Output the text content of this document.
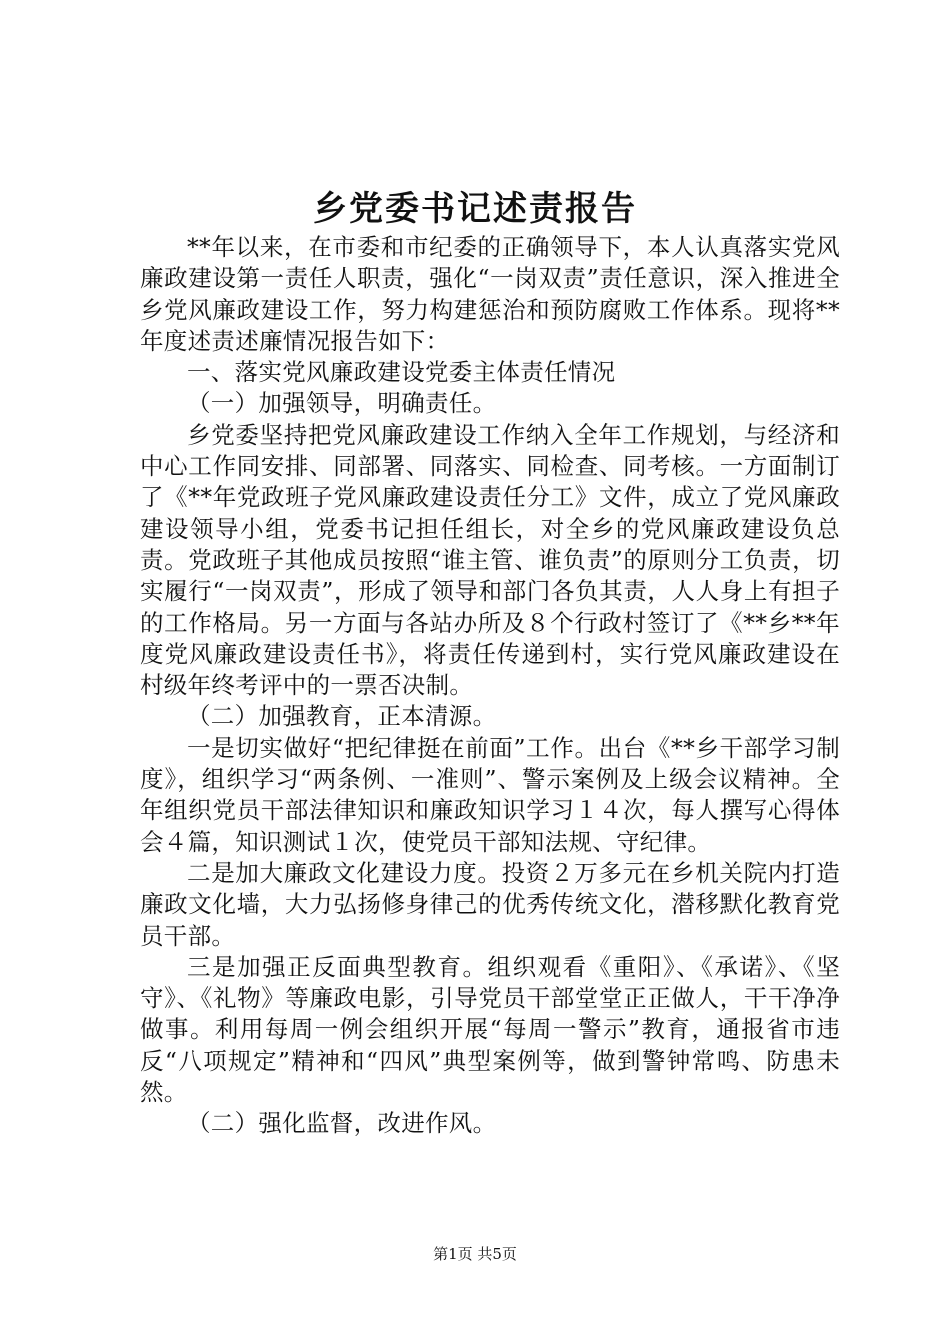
乡党委书记述责报告

**年以来，在市委和市纪委的正确领导下，本人认真落实党风廉政建设第一责任人职责，强化“一岗双责”责任意识，深入推进全乡党风廉政建设工作，努力构建惩治和预防腐败工作体系。现将**年度述责述廉情况报告如下：

一、落实党风廉政建设党委主体责任情况

（一）加强领导，明确责任。

乡党委坚持把党风廉政建设工作纳入全年工作规划，与经济和中心工作同安排、同部署、同落实、同检查、同考核。一方面制订了《**年党政班子党风廉政建设责任分工》文件，成立了党风廉政建设领导小组，党委书记担任组长，对全乡的党风廉政建设负总责。党政班子其他成员按照“谁主管、谁负责”的原则分工负责，切实履行“一岗双责”，形成了领导和部门各负其责，人人身上有担子的工作格局。另一方面与各站办所及８个行政村签订了《**乡**年度党风廉政建设责任书》，将责任传递到村，实行党风廉政建设在村级年终考评中的一票否决制。

（二）加强教育，正本清源。

一是切实做好“把纪律挺在前面”工作。出台《**乡干部学习制度》，组织学习“两条例、一准则”、警示案例及上级会议精神。全年组织党员干部法律知识和廉政知识学习１４次，每人撰写心得体会４篇，知识测试１次，使党员干部知法规、守纪律。

二是加大廉政文化建设力度。投资２万多元在乡机关院内打造廉政文化墙，大力弘扬修身律己的优秀传统文化，潜移默化教育党员干部。

三是加强正反面典型教育。组织观看《重阳》、《承诺》、《坚守》、《礼物》等廉政电影，引导党员干部堂堂正正做人，干干净净做事。利用每周一例会组织开展“每周一警示”教育，通报省市违反“八项规定”精神和“四风”典型案例等，做到警钟常鸣、防患未然。

（二）强化监督，改进作风。

第1页 共5页
